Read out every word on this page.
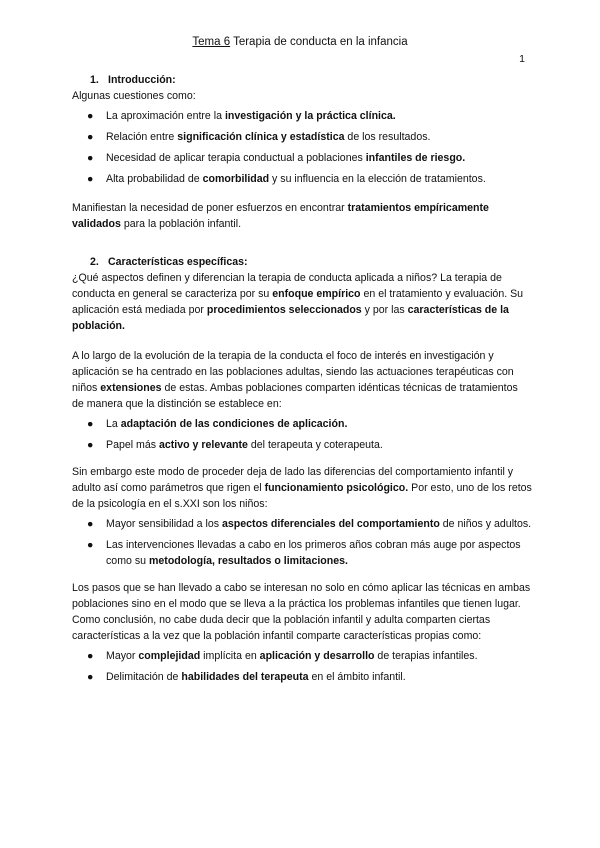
Tema 6 Terapia de conducta en la infancia
1

1. Introducción:

Algunas cuestiones como:

● La aproximación entre la investigación y la práctica clínica.
● Relación entre significación clínica y estadística de los resultados.
● Necesidad de aplicar terapia conductual a poblaciones infantiles de riesgo.
● Alta probabilidad de comorbilidad y su influencia en la elección de tratamientos.

Manifiestan la necesidad de poner esfuerzos en encontrar tratamientos empíricamente validados para la población infantil.

2. Características específicas:

¿Qué aspectos definen y diferencian la terapia de conducta aplicada a niños? La terapia de conducta en general se caracteriza por su enfoque empírico en el tratamiento y evaluación. Su aplicación está mediada por procedimientos seleccionados y por las características de la población.

A lo largo de la evolución de la terapia de la conducta el foco de interés en investigación y aplicación se ha centrado en las poblaciones adultas, siendo las actuaciones terapéuticas con niños extensiones de estas. Ambas poblaciones comparten idénticas técnicas de tratamientos de manera que la distinción se establece en:

● La adaptación de las condiciones de aplicación.
● Papel más activo y relevante del terapeuta y coterapeuta.

Sin embargo este modo de proceder deja de lado las diferencias del comportamiento infantil y adulto así como parámetros que rigen el funcionamiento psicológico. Por esto, uno de los retos de la psicología en el s.XXI son los niños:

● Mayor sensibilidad a los aspectos diferenciales del comportamiento de niños y adultos.
● Las intervenciones llevadas a cabo en los primeros años cobran más auge por aspectos como su metodología, resultados o limitaciones.

Los pasos que se han llevado a cabo se interesan no solo en cómo aplicar las técnicas en ambas poblaciones sino en el modo que se lleva a la práctica los problemas infantiles que tienen lugar. Como conclusión, no cabe duda decir que la población infantil y adulta comparten ciertas características a la vez que la población infantil comparte características propias como:

● Mayor complejidad implícita en aplicación y desarrollo de terapias infantiles.
● Delimitación de habilidades del terapeuta en el ámbito infantil.
